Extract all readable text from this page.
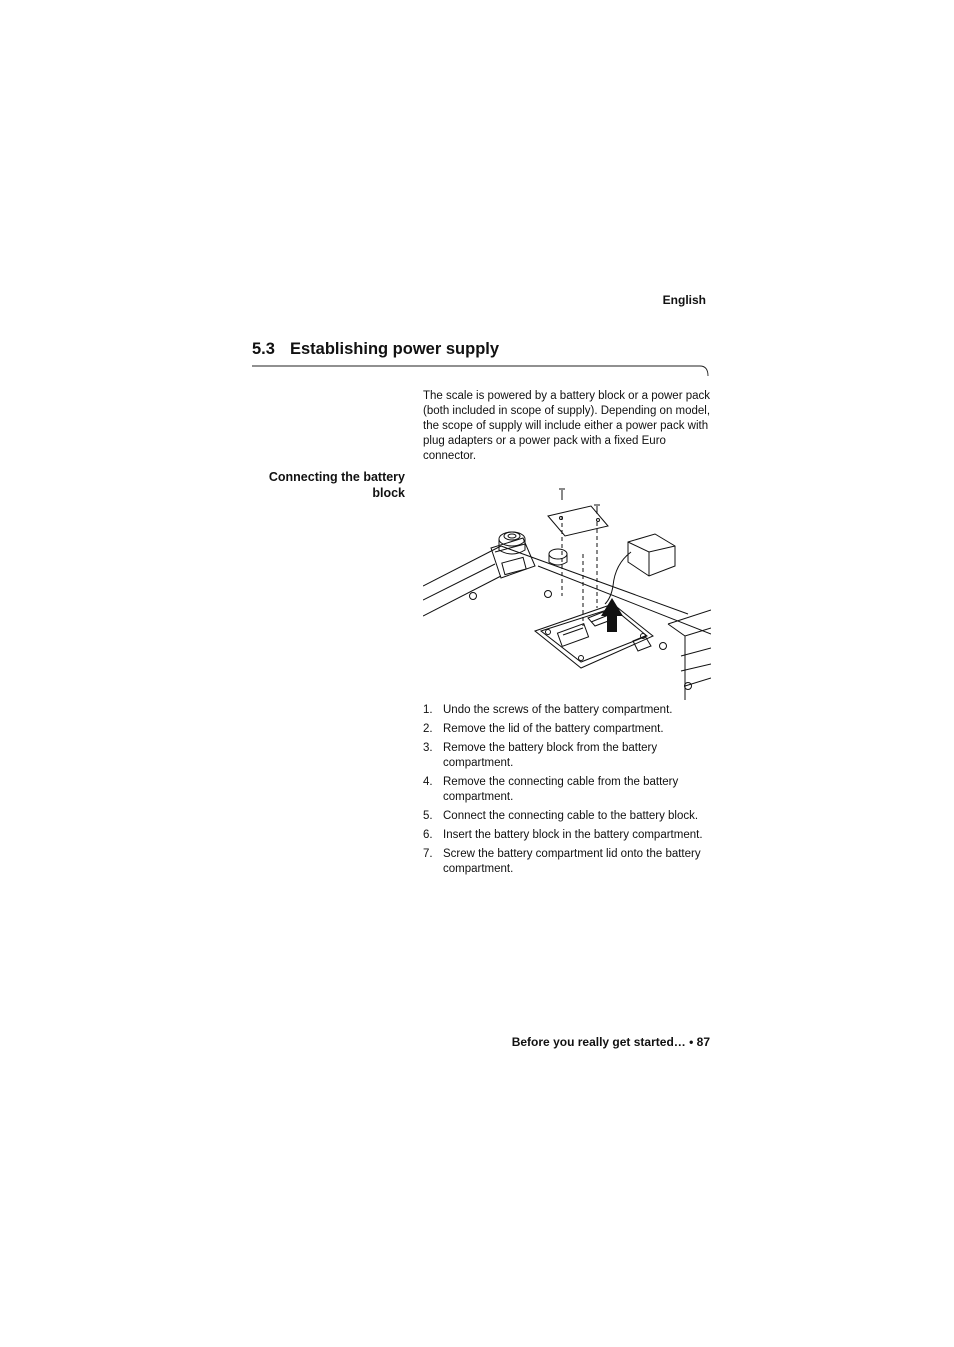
English
5.3 Establishing power supply

The scale is powered by a battery block or a power pack (both included in scope of supply). Depending on model, the scope of supply will include either a power pack with plug adapters or a power pack with a fixed Euro connector.

Connecting the battery
block
1. Undo the screws of the battery compartment.
2. Remove the lid of the battery compartment.
3. Remove the battery block from the battery compartment.
4. Remove the connecting cable from the battery compartment.
5. Connect the connecting cable to the battery block.
6. Insert the battery block in the battery compartment.
7. Screw the battery compartment lid onto the battery compartment.
Before you really get started… • 87
